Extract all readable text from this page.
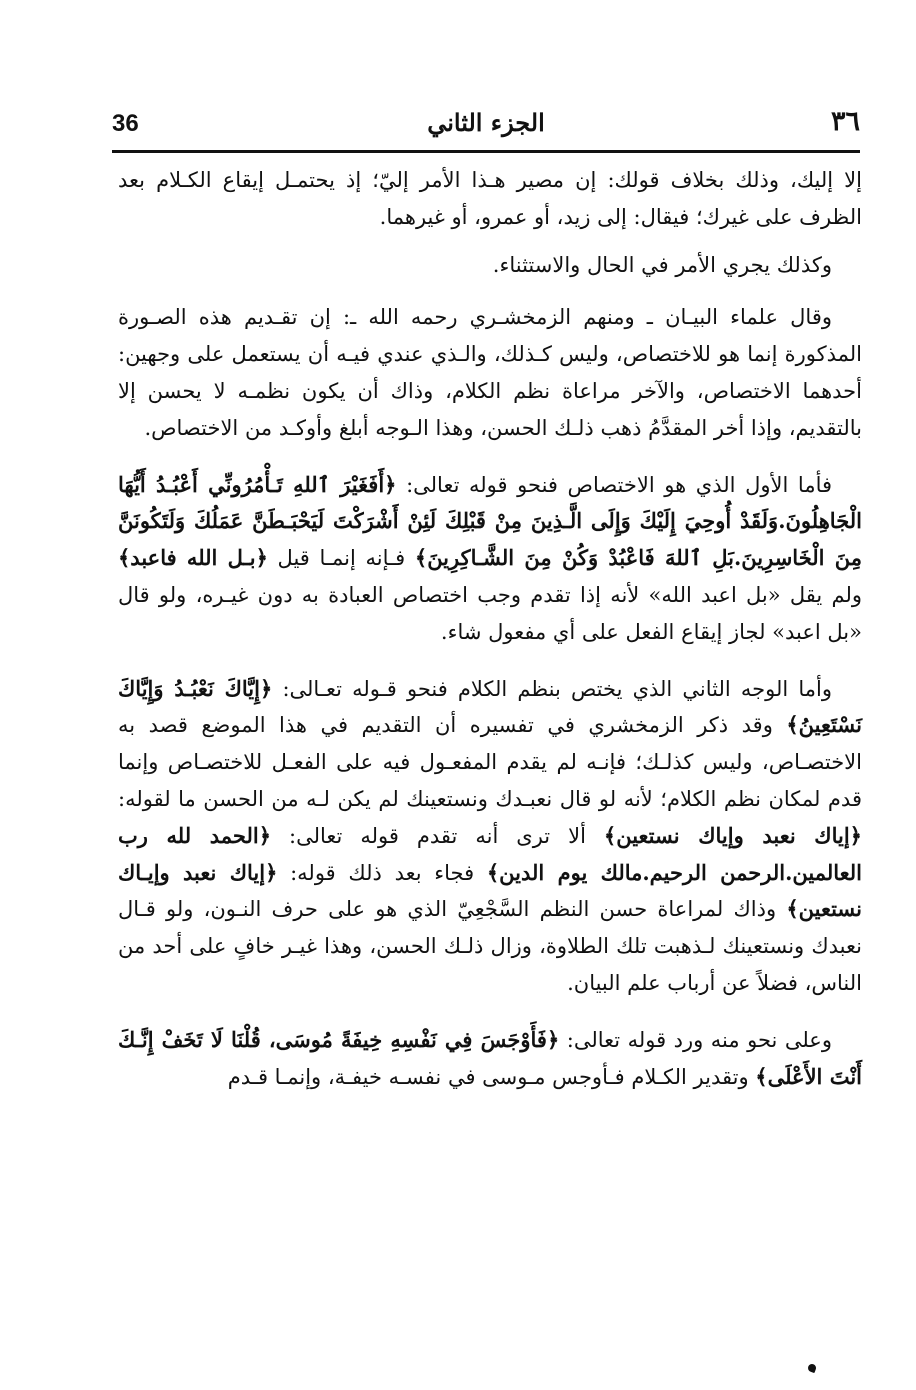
٣٦
الجزء الثاني
36

إلا إليك، وذلك بخلاف قولك: إن مصير هـذا الأمر إليّ؛ إذ يحتمـل إيقاع الكـلام بعد الظرف على غيرك؛ فيقال: إلى زيد، أو عمرو، أو غيرهما.

وكذلك يجري الأمر في الحال والاستثناء.

وقال علماء البيـان ـ ومنهم الزمخشـري رحمه الله ـ: إن تقـديم هذه الصـورة المذكورة إنما هو للاختصاص، وليس كـذلك، والـذي عندي فيـه أن يستعمل على وجهين: أحدهما الاختصاص، والآخر مراعاة نظم الكلام، وذاك أن يكون نظمـه لا يحسن إلا بالتقديم، وإذا أخر المقدَّمُ ذهب ذلـك الحسن، وهذا الـوجه أبلغ وأوكـد من الاختصاص.

فأما الأول الذي هو الاختصاص فنحو قوله تعالى: ﴿أَفَغَيْرَ ٱللهِ تَـأْمُرُونِّي أَعْبُـدُ أَيُّهَا الْجَاهِلُونَ.وَلَقَدْ أُوحِيَ إِلَيْكَ وَإِلَى الَّـذِينَ مِنْ قَبْلِكَ لَئِنْ أَشْرَكْتَ لَيَحْبَـطَنَّ عَمَلُكَ وَلَتَكُونَنَّ مِنَ الْخَاسِرِينَ.بَلِ ٱللهَ فَاعْبُدْ وَكُنْ مِنَ الشَّـاكِرِينَ﴾ فـإنه إنمـا قيل ﴿بـل الله فاعبد﴾ ولم يقل «بل اعبد الله» لأنه إذا تقدم وجب اختصاص العبادة به دون غيـره، ولو قال «بل اعبد» لجاز إيقاع الفعل على أي مفعول شاء.

وأما الوجه الثاني الذي يختص بنظم الكلام فنحو قـوله تعـالى: ﴿إِيَّاكَ نَعْبُـدُ وَإِيَّاكَ نَسْتَعِينُ﴾ وقد ذكر الزمخشري في تفسيره أن التقديم في هذا الموضع قصد به الاختصـاص، وليس كذلـك؛ فإنـه لم يقدم المفعـول فيه على الفعـل للاختصـاص وإنما قدم لمكان نظم الكلام؛ لأنه لو قال نعبـدك ونستعينك لم يكن لـه من الحسن ما لقوله: ﴿إياك نعبد وإياك نستعين﴾ ألا ترى أنه تقدم قوله تعالى: ﴿الحمد لله رب العالمين.الرحمن الرحيم.مالك يوم الدين﴾ فجاء بعد ذلك قوله: ﴿إياك نعبد وإيـاك نستعين﴾ وذاك لمراعاة حسن النظم السَّجْعِيّ الذي هو على حرف النـون، ولو قـال نعبدك ونستعينك لـذهبت تلك الطلاوة، وزال ذلـك الحسن، وهذا غيـر خافٍ على أحد من الناس، فضلاً عن أرباب علم البيان.

وعلى نحو منه ورد قوله تعالى: ﴿فَأَوْجَسَ فِي نَفْسِهِ خِيفَةً مُوسَى، قُلْنَا لَا تَخَفْ إِنَّـكَ أَنْتَ الأَعْلَى﴾ وتقدير الكـلام فـأوجس مـوسى في نفسـه خيفـة، وإنمـا قـدم
